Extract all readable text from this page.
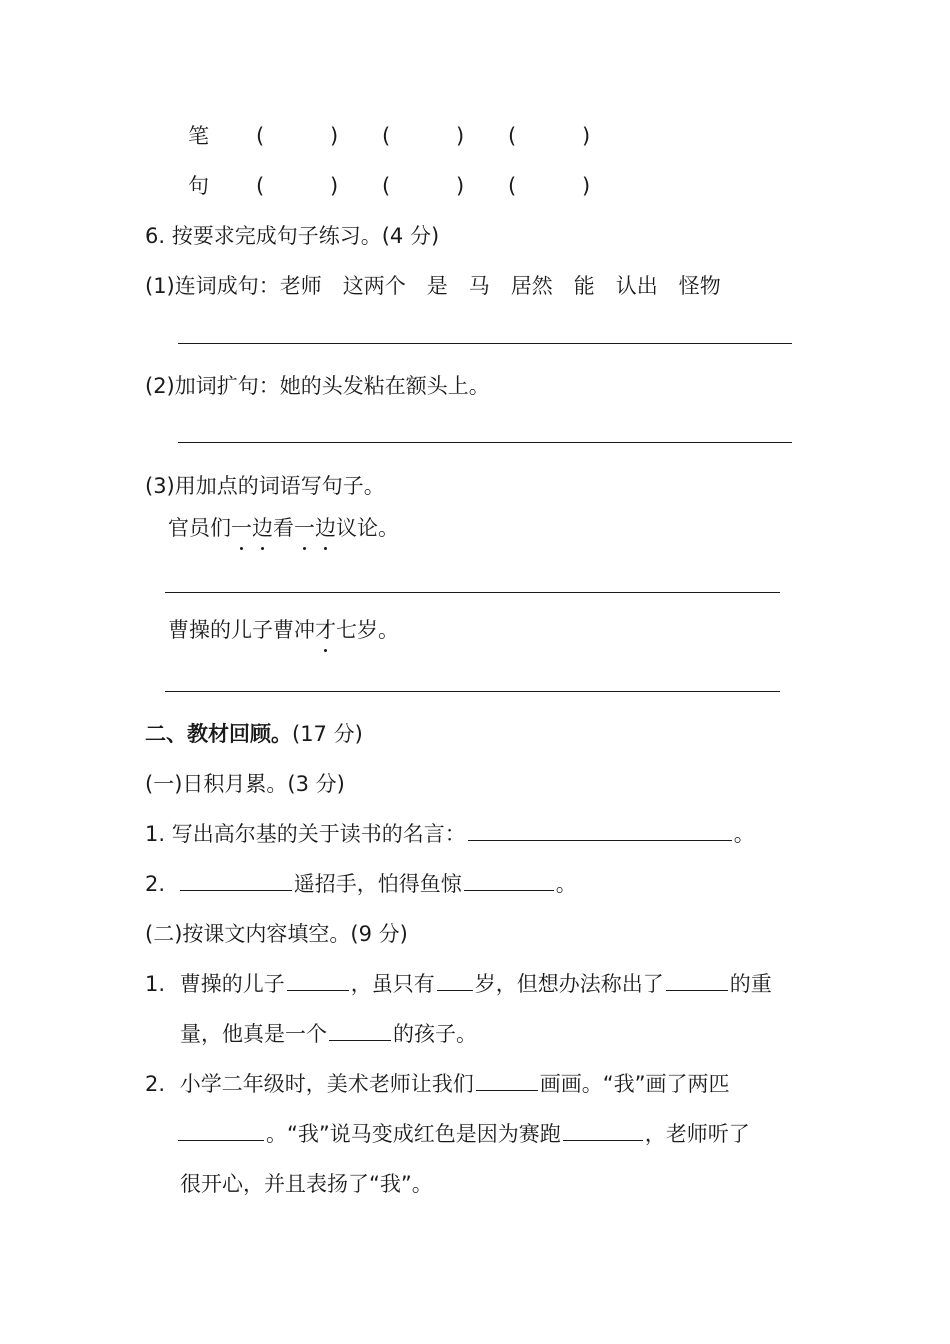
笔 (	) (	) (	)
句 (	) (	) (	)
6. 按要求完成句子练习。(4 分)
(1)连词成句：老师　这两个　是　马　居然　能　认出　怪物
(2)加词扩句：她的头发粘在额头上。
(3)用加点的词语写句子。
官员们一边看一边议论。
曹操的儿子曹冲才七岁。
二、教材回顾。(17 分)
(一)日积月累。(3 分)
1. 写出高尔基的关于读书的名言：	。
2.	遥招手，怕得鱼惊	。
(二)按课文内容填空。(9 分)
1. 曹操的儿子	，虽只有 岁，但想办法称出了	的重
量，他真是一个	的孩子。
2. 小学二年级时，美术老师让我们	画画。“我”画了两匹
。“我”说马变成红色是因为赛跑	，老师听了
很开心，并且表扬了“我”。
